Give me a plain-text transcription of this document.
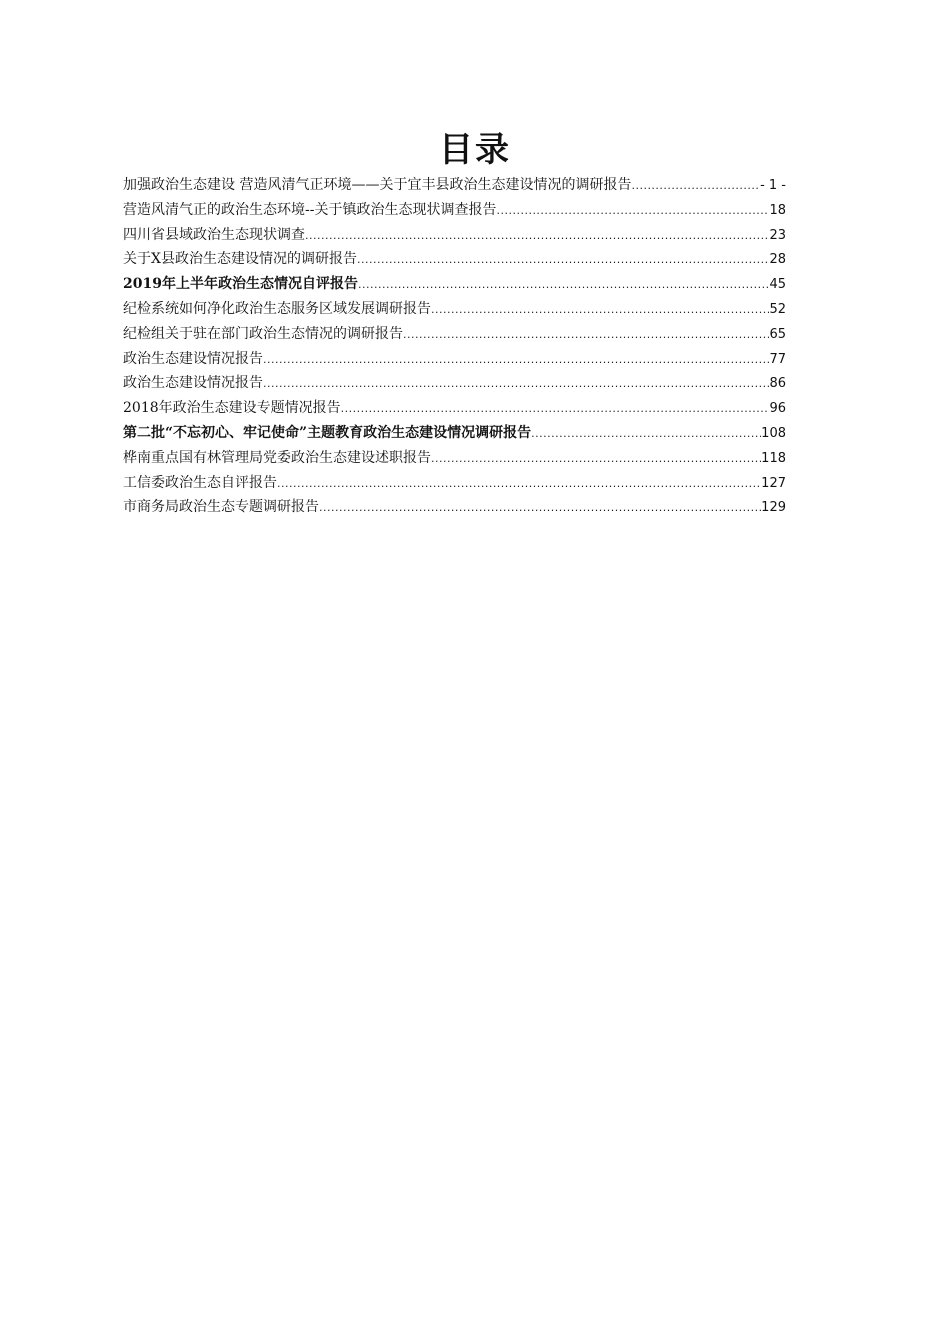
目录
加强政治生态建设 营造风清气正环境——关于宜丰县政治生态建设情况的调研报告 .....	- 1 -
营造风清气正的政治生态环境--关于镇政治生态现状调查报告 .....	18
四川省县域政治生态现状调查 .....	23
关于X县政治生态建设情况的调研报告 .....	28
2019年上半年政治生态情况自评报告 .....	45
纪检系统如何净化政治生态服务区域发展调研报告 .....	52
纪检组关于驻在部门政治生态情况的调研报告 .....	65
政治生态建设情况报告 .....	77
政治生态建设情况报告 .....	86
2018年政治生态建设专题情况报告 .....	96
第二批“不忘初心、牢记使命”主题教育政治生态建设情况调研报告 .....	108
桦南重点国有林管理局党委政治生态建设述职报告 .....	118
工信委政治生态自评报告 .....	127
市商务局政治生态专题调研报告 .....	129
